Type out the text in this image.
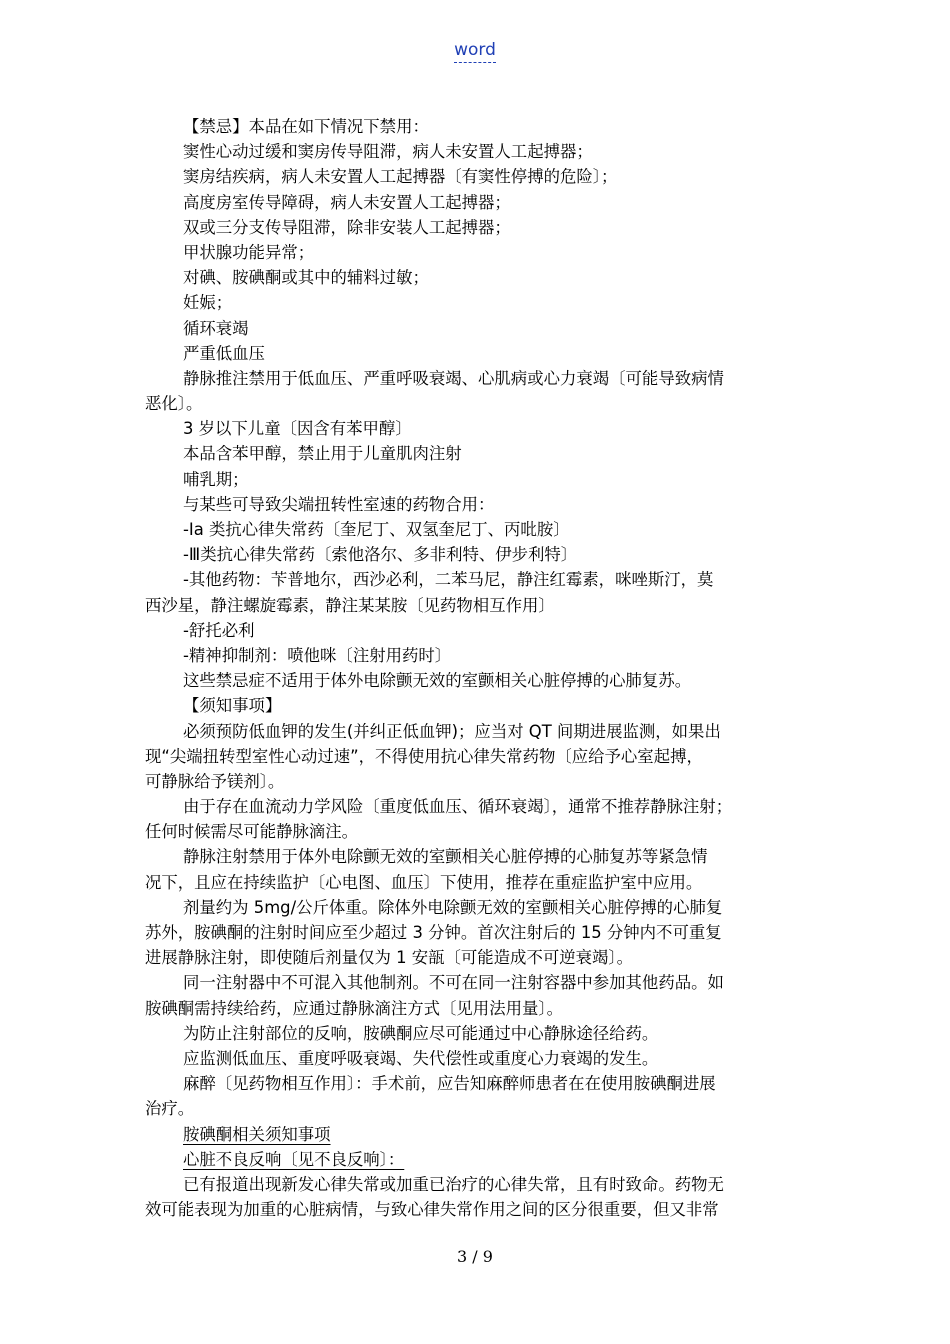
word
【禁忌】本品在如下情况下禁用：
窦性心动过缓和窦房传导阻滞，病人未安置人工起搏器；
窦房结疾病，病人未安置人工起搏器〔有窦性停搏的危险〕；
高度房室传导障碍，病人未安置人工起搏器；
双或三分支传导阻滞，除非安装人工起搏器；
甲状腺功能异常；
对碘、胺碘酮或其中的辅料过敏；
妊娠；
循环衰竭
严重低血压
静脉推注禁用于低血压、严重呼吸衰竭、心肌病或心力衰竭〔可能导致病情
恶化〕。
3 岁以下儿童〔因含有苯甲醇〕
本品含苯甲醇，禁止用于儿童肌肉注射
哺乳期；
与某些可导致尖端扭转性室速的药物合用：
-Ⅰa 类抗心律失常药〔奎尼丁、双氢奎尼丁、丙吡胺〕
-Ⅲ类抗心律失常药〔索他洛尔、多非利特、伊步利特〕
-其他药物：苄普地尔，西沙必利，二苯马尼，静注红霉素，咪唑斯汀，莫
西沙星，静注螺旋霉素，静注某某胺〔见药物相互作用〕
-舒托必利
-精神抑制剂：喷他咪〔注射用药时〕
这些禁忌症不适用于体外电除颤无效的室颤相关心脏停搏的心肺复苏。
【须知事项】
必须预防低血钾的发生(并纠正低血钾)；应当对 QT 间期进展监测，如果出
现“尖端扭转型室性心动过速”，不得使用抗心律失常药物〔应给予心室起搏，
可静脉给予镁剂〕。
由于存在血流动力学风险〔重度低血压、循环衰竭〕，通常不推荐静脉注射；
任何时候需尽可能静脉滴注。
静脉注射禁用于体外电除颤无效的室颤相关心脏停搏的心肺复苏等紧急情
况下，且应在持续监护〔心电图、血压〕下使用，推荐在重症监护室中应用。
剂量约为 5mg/公斤体重。除体外电除颤无效的室颤相关心脏停搏的心肺复
苏外，胺碘酮的注射时间应至少超过 3 分钟。首次注射后的 15 分钟内不可重复
进展静脉注射，即使随后剂量仅为 1 安瓿〔可能造成不可逆衰竭〕。
同一注射器中不可混入其他制剂。不可在同一注射容器中参加其他药品。如
胺碘酮需持续给药，应通过静脉滴注方式〔见用法用量〕。
为防止注射部位的反响，胺碘酮应尽可能通过中心静脉途径给药。
应监测低血压、重度呼吸衰竭、失代偿性或重度心力衰竭的发生。
麻醉〔见药物相互作用〕：手术前，应告知麻醉师患者在在使用胺碘酮进展
治疗。
胺碘酮相关须知事项
心脏不良反响〔见不良反响〕：
已有报道出现新发心律失常或加重已治疗的心律失常，且有时致命。药物无
效可能表现为加重的心脏病情，与致心律失常作用之间的区分很重要，但又非常
3 / 9
